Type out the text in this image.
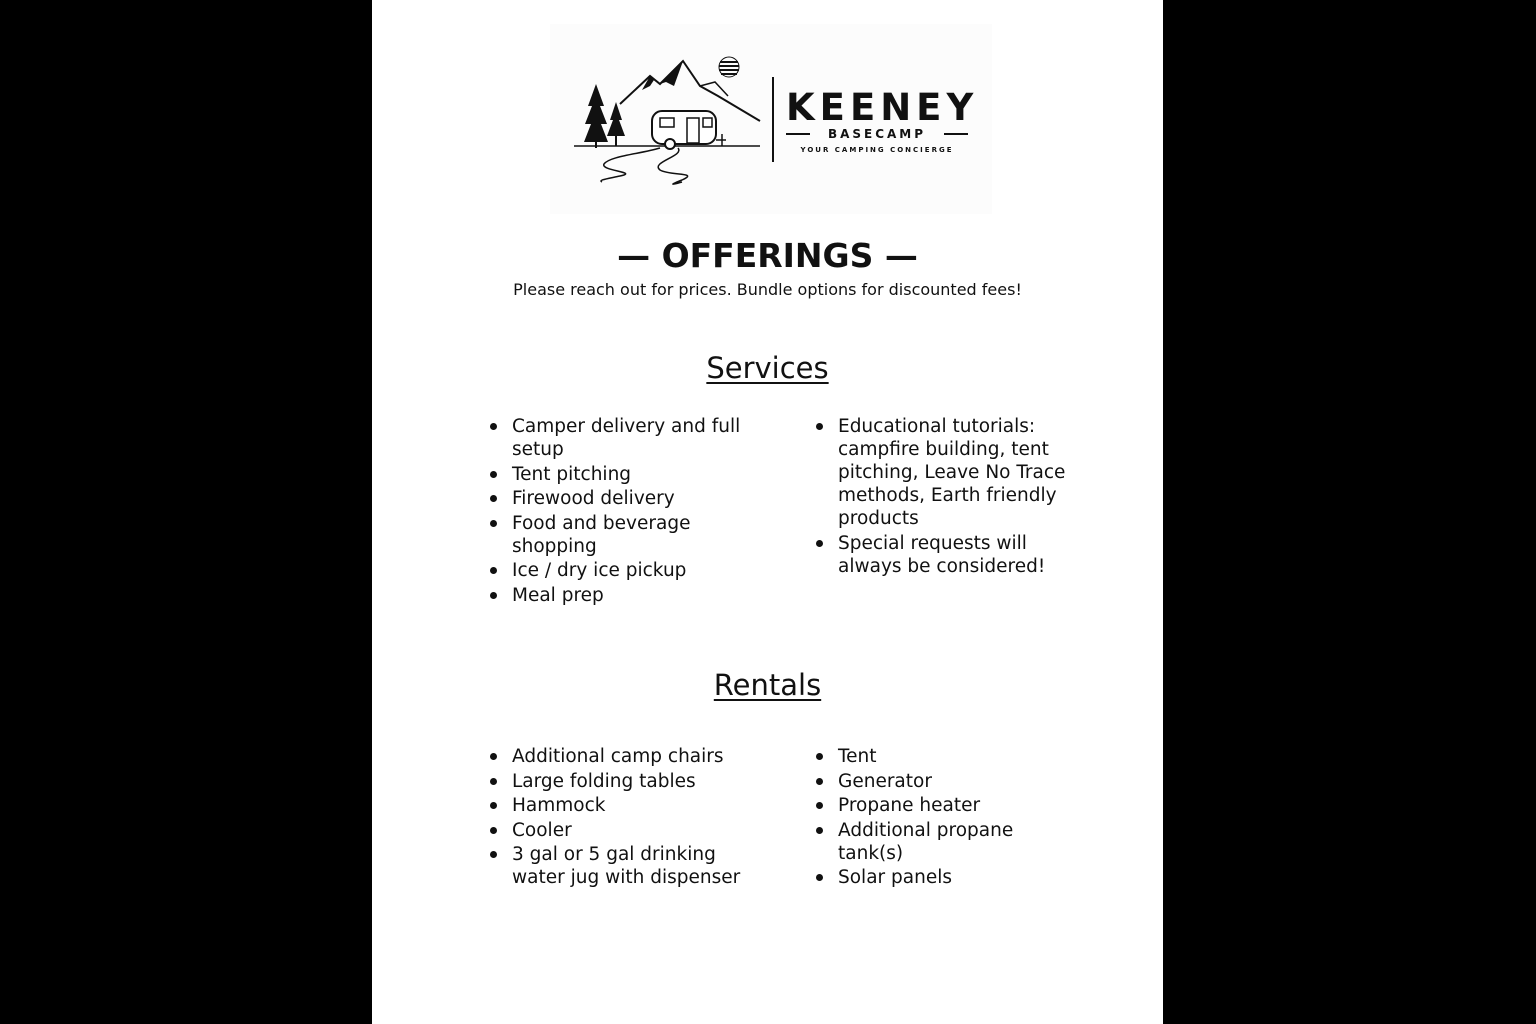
KEENEY
BASECAMP
YOUR CAMPING CONCIERGE
— OFFERINGS —
Please reach out for prices. Bundle options for discounted fees!
Services
Camper delivery and full setup
Tent pitching
Firewood delivery
Food and beverage shopping
Ice / dry ice pickup
Meal prep
Educational tutorials: campfire building, tent pitching, Leave No Trace methods, Earth friendly products
Special requests will always be considered!
Rentals
Additional camp chairs
Large folding tables
Hammock
Cooler
3 gal or 5 gal drinking water jug with dispenser
Tent
Generator
Propane heater
Additional propane tank(s)
Solar panels
